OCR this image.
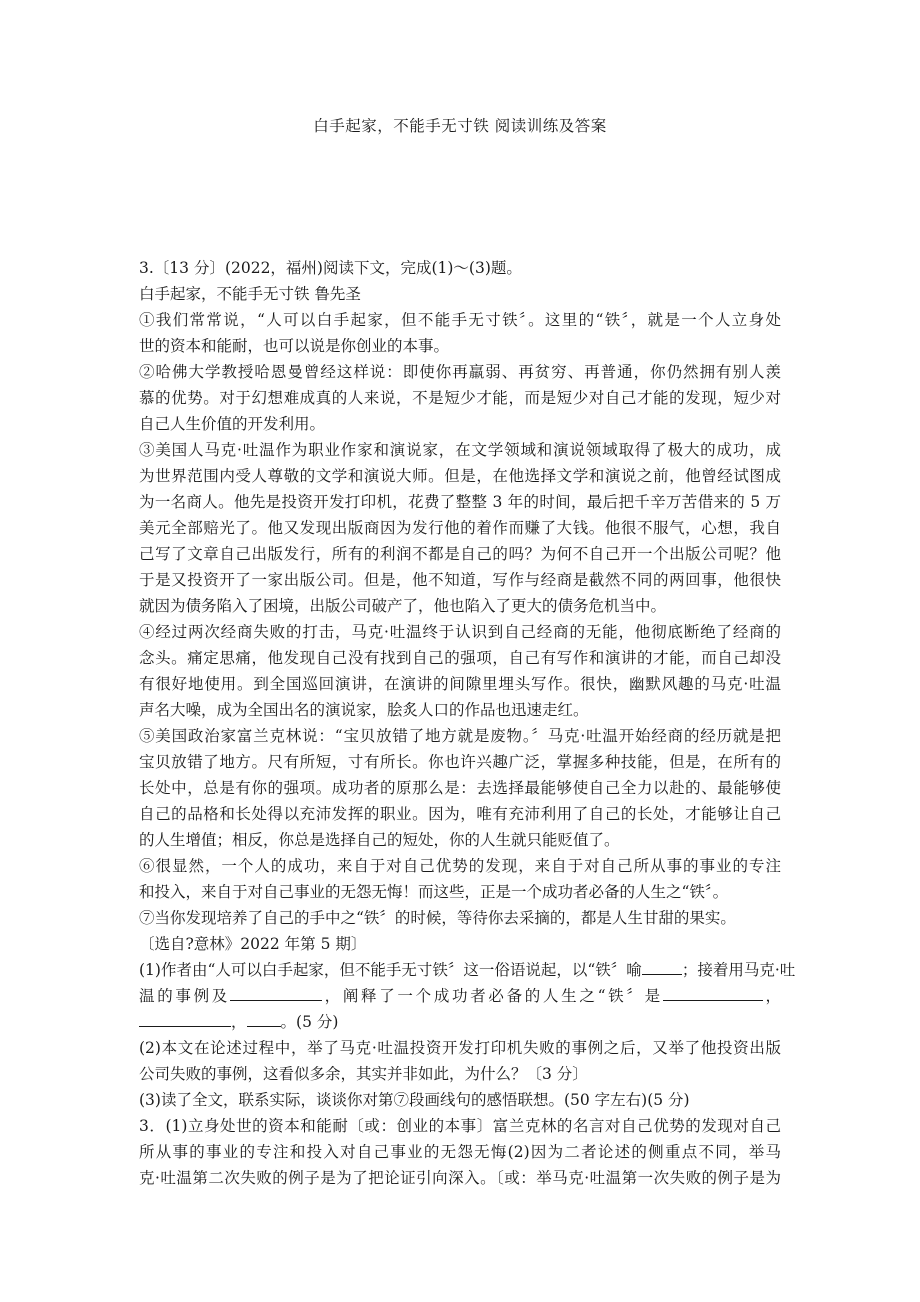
白手起家，不能手无寸铁 阅读训练及答案
3.〔13 分〕(2022，福州)阅读下文，完成(1)～(3)题。
白手起家，不能手无寸铁 鲁先圣
①我们常常说，“人可以白手起家，但不能手无寸铁〞。这里的“铁〞，就是一个人立身处
世的资本和能耐，也可以说是你创业的本事。
②哈佛大学教授哈恩曼曾经这样说：即使你再羸弱、再贫穷、再普通，你仍然拥有别人羡
慕的优势。对于幻想难成真的人来说，不是短少才能，而是短少对自己才能的发现，短少对
自己人生价值的开发利用。
③美国人马克·吐温作为职业作家和演说家，在文学领域和演说领域取得了极大的成功，成
为世界范围内受人尊敬的文学和演说大师。但是，在他选择文学和演说之前，他曾经试图成
为一名商人。他先是投资开发打印机，花费了整整 3 年的时间，最后把千辛万苦借来的 5 万
美元全部赔光了。他又发现出版商因为发行他的着作而赚了大钱。他很不服气，心想，我自
己写了文章自己出版发行，所有的利润不都是自己的吗？为何不自己开一个出版公司呢？他
于是又投资开了一家出版公司。但是，他不知道，写作与经商是截然不同的两回事，他很快
就因为债务陷入了困境，出版公司破产了，他也陷入了更大的债务危机当中。
④经过两次经商失败的打击，马克·吐温终于认识到自己经商的无能，他彻底断绝了经商的
念头。痛定思痛，他发现自己没有找到自己的强项，自己有写作和演讲的才能，而自己却没
有很好地使用。到全国巡回演讲，在演讲的间隙里埋头写作。很快，幽默风趣的马克·吐温
声名大噪，成为全国出名的演说家，脍炙人口的作品也迅速走红。
⑤美国政治家富兰克林说：“宝贝放错了地方就是废物。〞马克·吐温开始经商的经历就是把
宝贝放错了地方。尺有所短，寸有所长。你也许兴趣广泛，掌握多种技能，但是，在所有的
长处中，总是有你的强项。成功者的原那么是：去选择最能够使自己全力以赴的、最能够使
自己的品格和长处得以充沛发挥的职业。因为，唯有充沛利用了自己的长处，才能够让自己
的人生增值；相反，你总是选择自己的短处，你的人生就只能贬值了。
⑥很显然，一个人的成功，来自于对自己优势的发现，来自于对自己所从事的事业的专注
和投入，来自于对自己事业的无怨无悔！而这些，正是一个成功者必备的人生之“铁〞。
⑦当你发现培养了自己的手中之“铁〞的时候，等待你去采摘的，都是人生甘甜的果实。
〔选自?意林》2022 年第 5 期〕
(1)作者由“人可以白手起家，但不能手无寸铁〞这一俗语说起，以“铁〞喻	；接着用马克·吐
温的事例及	，阐释了一个成功者必备的人生之“铁〞是	，
， 。(5 分)
(2)本文在论述过程中，举了马克·吐温投资开发打印机失败的事例之后，又举了他投资出版
公司失败的事例，这看似多余，其实并非如此，为什么？〔3 分〕
(3)读了全文，联系实际，谈谈你对第⑦段画线句的感悟联想。(50 字左右)(5 分)
3．(1)立身处世的资本和能耐〔或：创业的本事〕富兰克林的名言对自己优势的发现对自己
所从事的事业的专注和投入对自己事业的无怨无悔(2)因为二者论述的侧重点不同，举马
克·吐温第二次失败的例子是为了把论证引向深入。〔或：举马克·吐温第一次失败的例子是为
